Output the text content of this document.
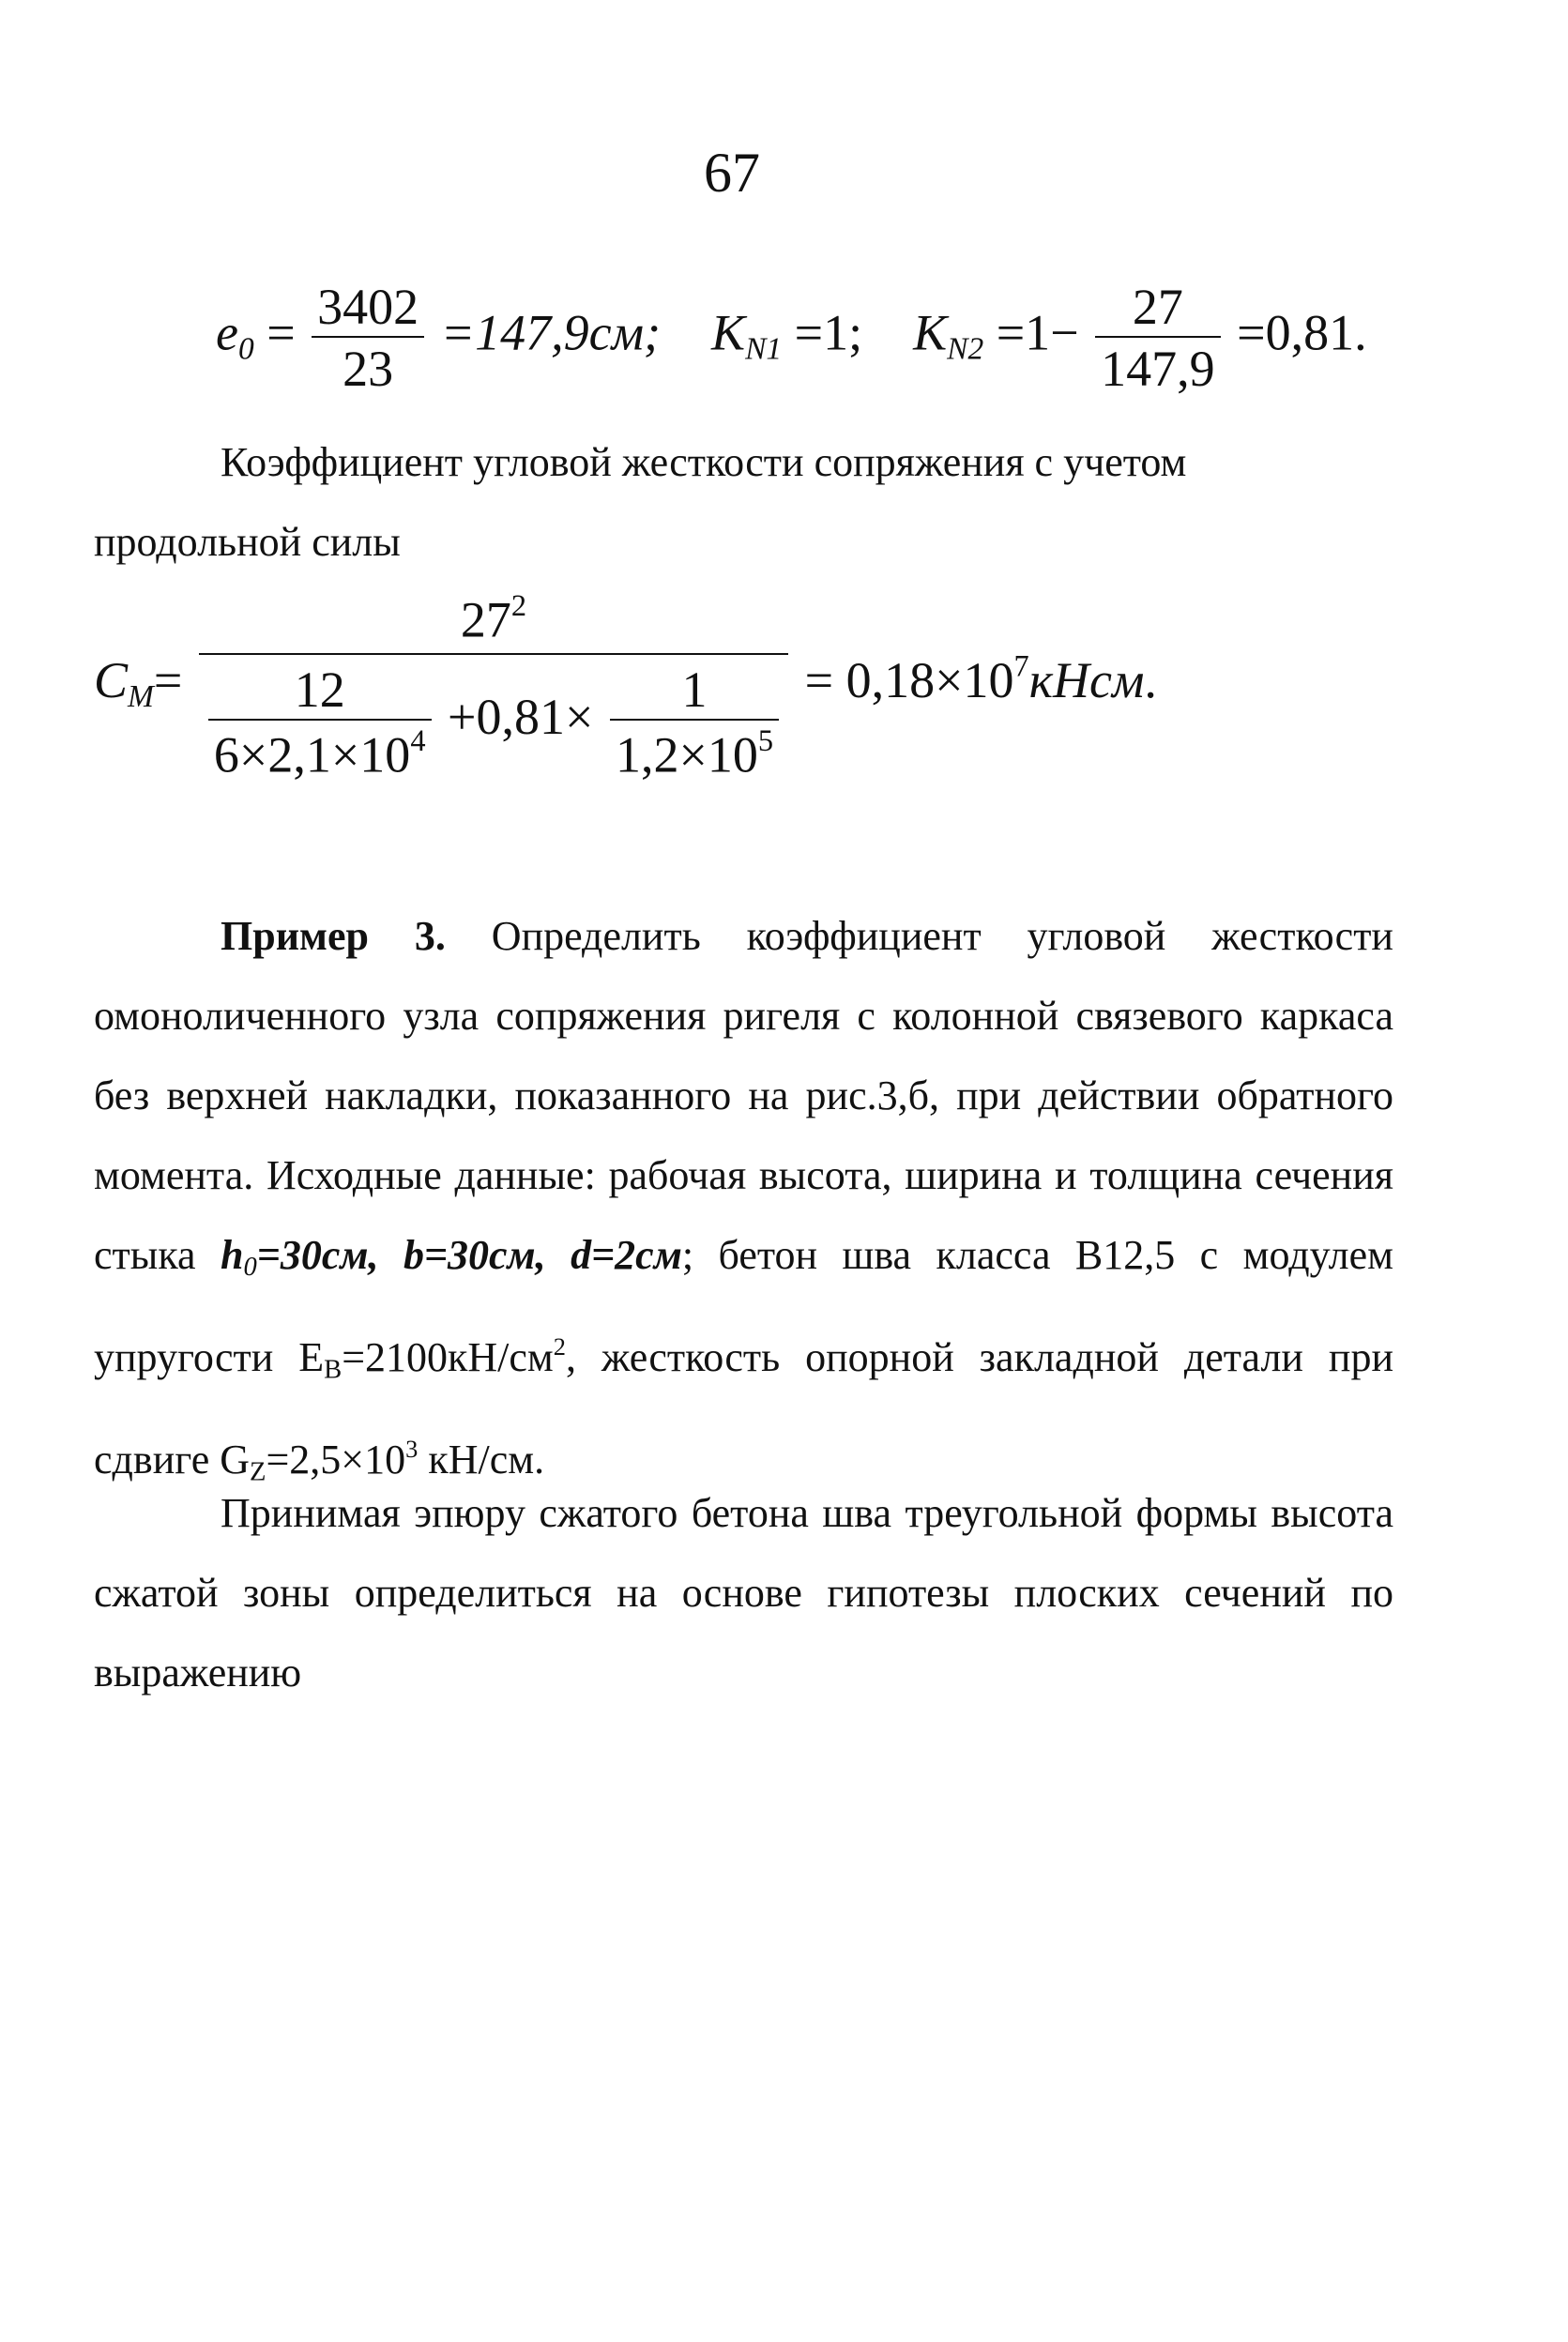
67
$e_0 = \frac{3402}{23} =147,9см$; $K_{N1} =1$; $K_{N2} =1- \frac{27}{147,9} =0,81$.

Коэффициент угловой жесткости сопряжения с учетом
продольной силы

$C_M=$
$27^2$
$\frac{12}{6\times 2,1\times 10^4} +0,81\times \frac{1}{1,2\times 10^5}$ = $0,18\times 10^7кНсм$.

Пример 3. Определить коэффициент угловой жесткости омоноличенного узла сопряжения ригеля с колонной связевого каркаса без верхней накладки, показанного на рис.3,б, при действии обратного момента. Исходные данные: рабочая высота, ширина и толщина сечения стыка h0=30см, b=30см, d=2см; бетон шва класса В12,5 с модулем упругости $EB=2100кН/см^2$, жесткость опорной закладной детали при сдвиге $GZ=2,5\times 10^3$ кН/см.

Принимая эпюру сжатого бетона шва треугольной формы высота сжатой зоны определиться на основе гипотезы плоских сечений по выражению
